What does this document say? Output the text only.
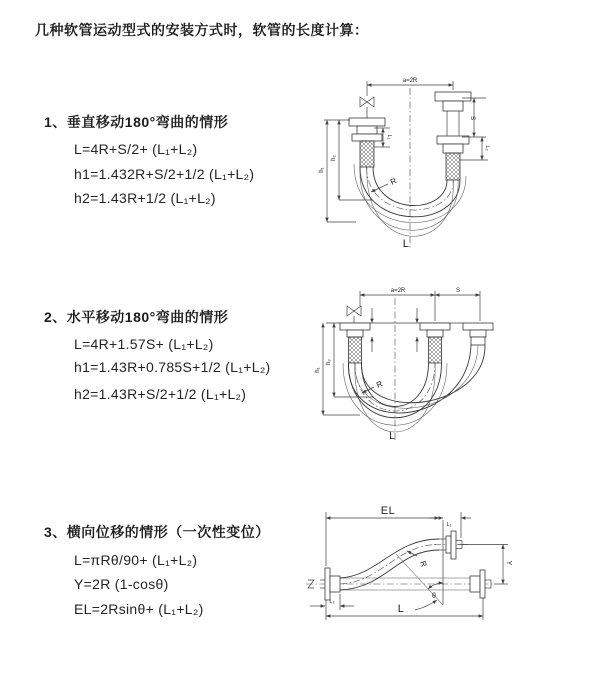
几种软管运动型式的安装方式时，软管的长度计算：
1、垂直移动180°弯曲的情形
L=4R+S/2+ (L₁+L₂)
h1=1.432R+S/2+1/2 (L₁+L₂)
h2=1.43R+1/2 (L₁+L₂)
2、水平移动180°弯曲的情形
L=4R+1.57S+ (L₁+L₂)
h1=1.43R+0.785S+1/2 (L₁+L₂)
h2=1.43R+S/2+1/2 (L₁+L₂)
3、横向位移的情形（一次性变位）
L=πRθ/90+ (L₁+L₂)
Y=2R (1-cosθ)
EL=2Rsinθ+ (L₁+L₂)
a=2R
S
L₂
h₁
h₂
L₁
R
L
a=2R	S
h₁
h₂
R
L
EL
L₁
Y
θ
R
L
L₂
